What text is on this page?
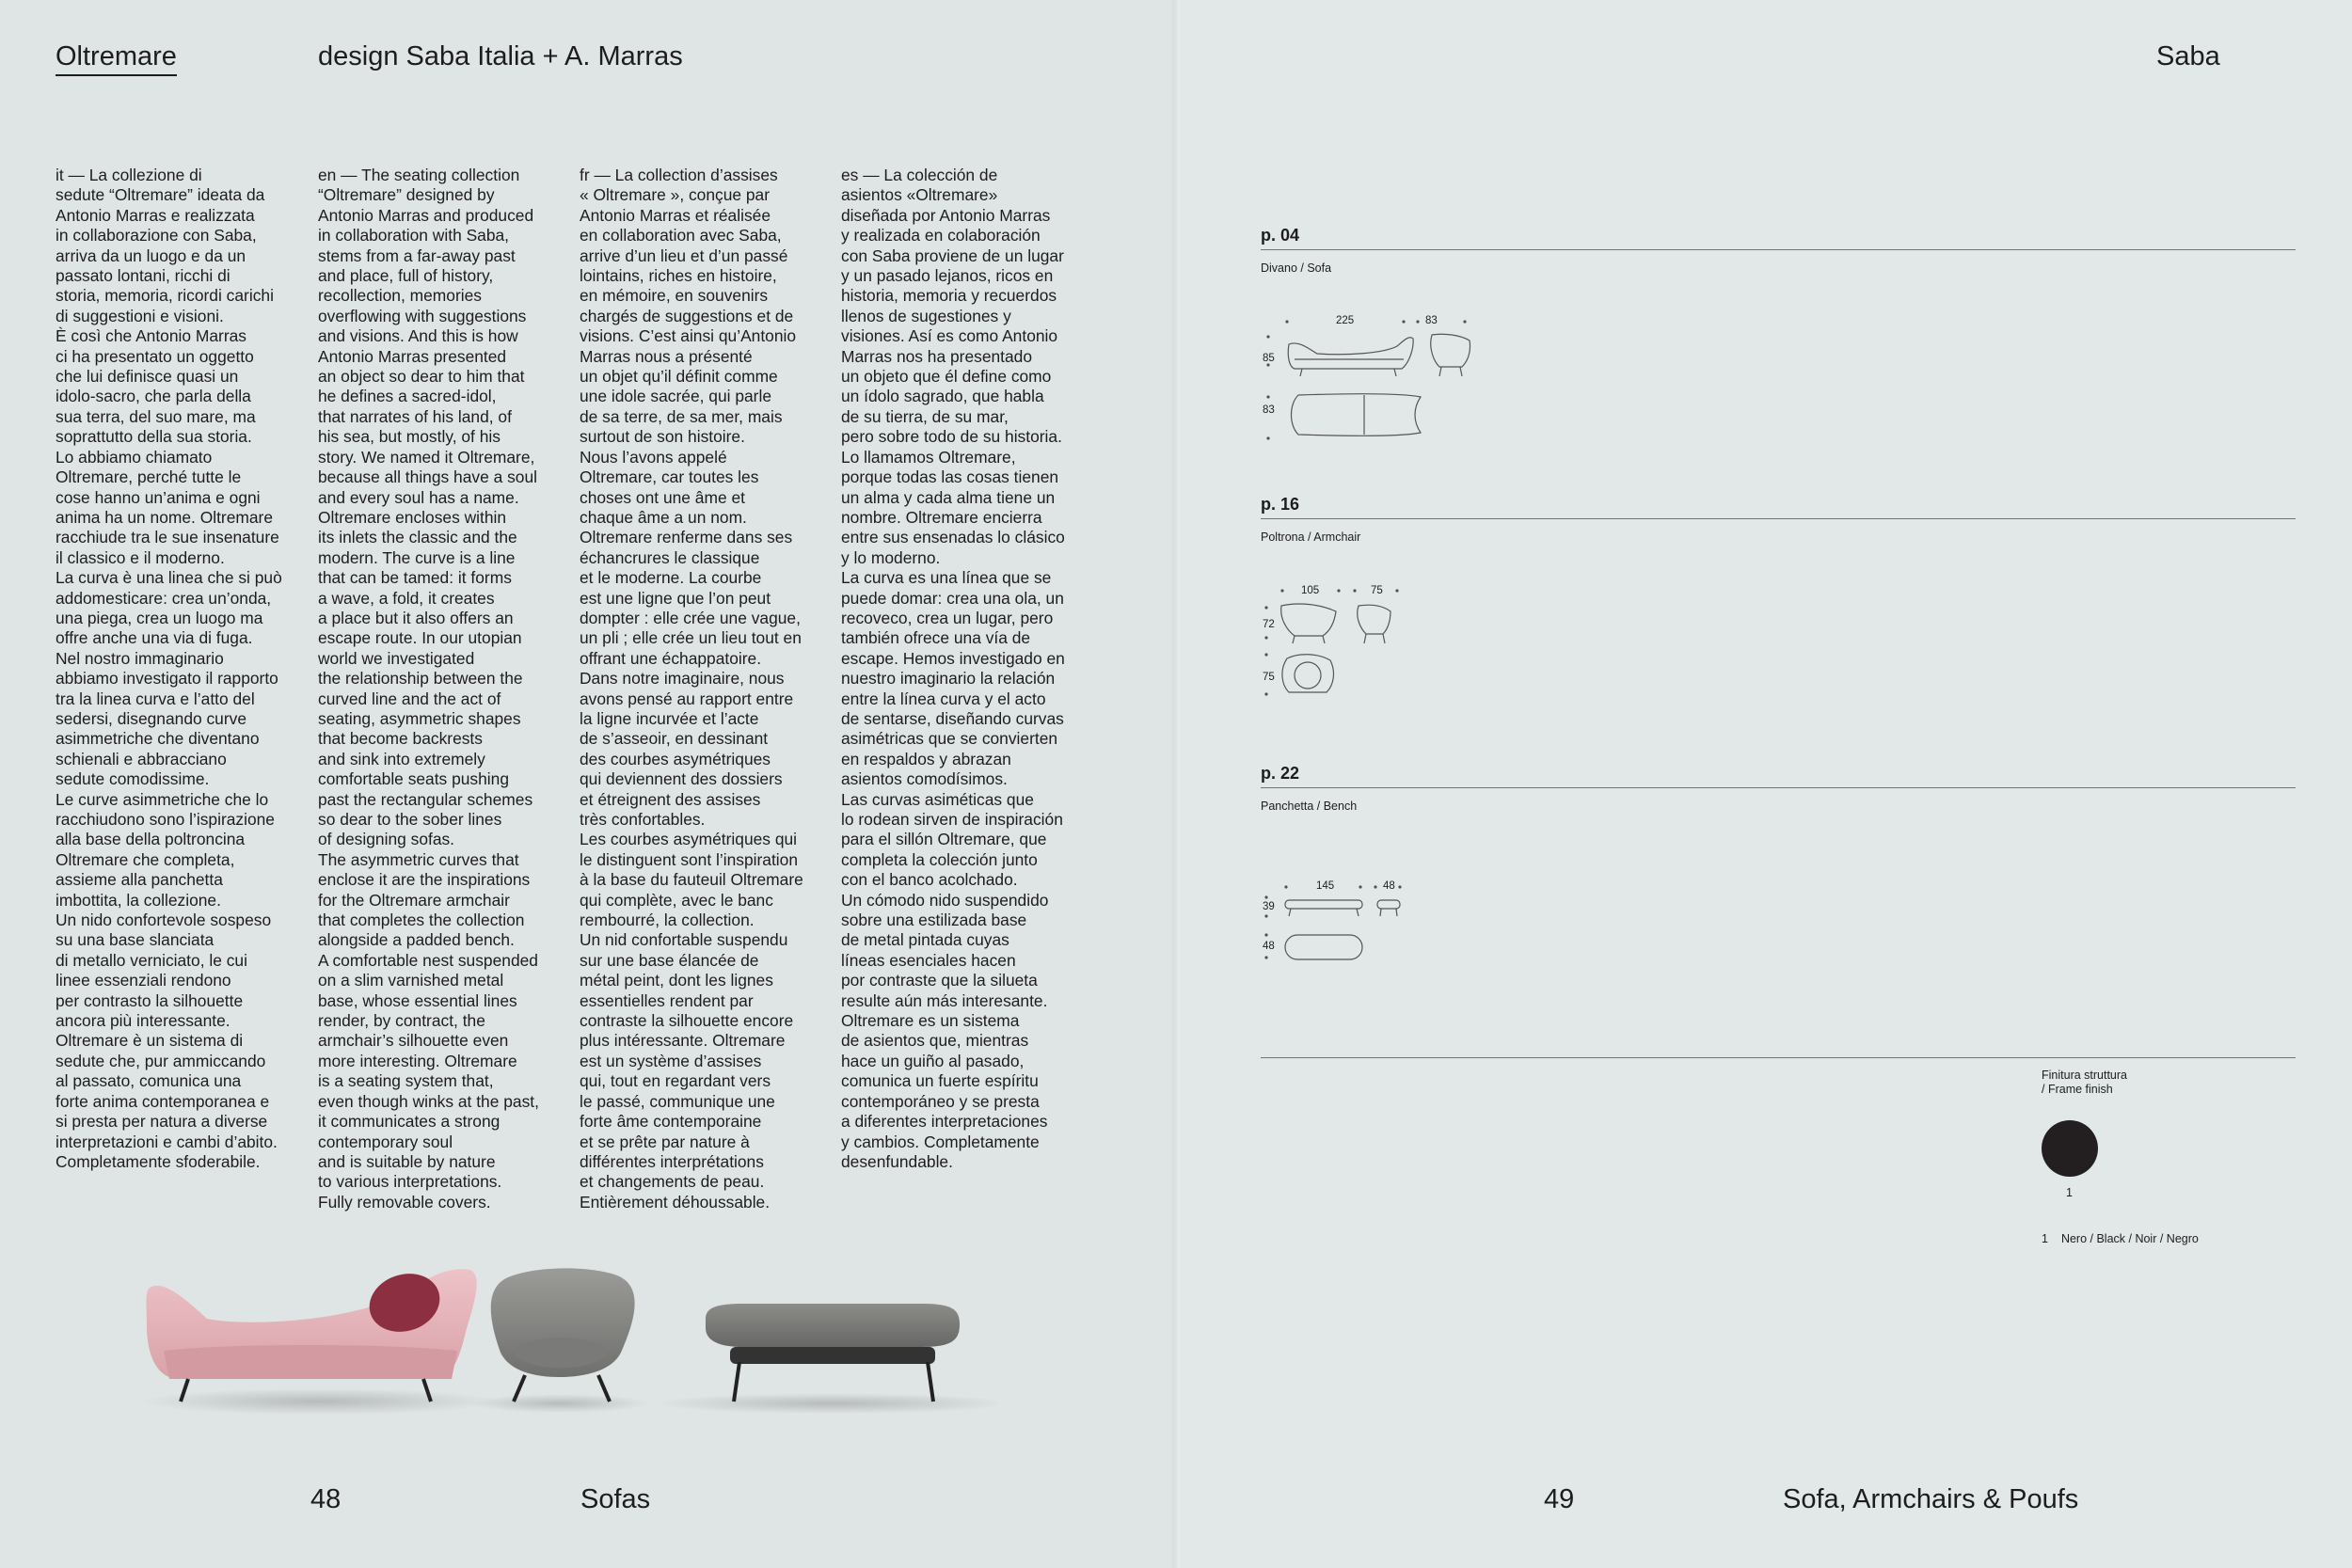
Oltremare	design Saba Italia + A. Marras	Saba

it — La collezione di
sedute “Oltremare” ideata da
Antonio Marras e realizzata
in collaborazione con Saba,
arriva da un luogo e da un
passato lontani, ricchi di
storia, memoria, ricordi carichi
di suggestioni e visioni.
È così che Antonio Marras
ci ha presentato un oggetto
che lui definisce quasi un
idolo-sacro, che parla della
sua terra, del suo mare, ma
soprattutto della sua storia.
Lo abbiamo chiamato
Oltremare, perché tutte le
cose hanno un’anima e ogni
anima ha un nome. Oltremare
racchiude tra le sue insenature
il classico e il moderno.
La curva è una linea che si può
addomesticare: crea un’onda,
una piega, crea un luogo ma
offre anche una via di fuga.
Nel nostro immaginario
abbiamo investigato il rapporto
tra la linea curva e l’atto del
sedersi, disegnando curve
asimmetriche che diventano
schienali e abbracciano
sedute comodissime.
Le curve asimmetriche che lo
racchiudono sono l’ispirazione
alla base della poltroncina
Oltremare che completa,
assieme alla panchetta
imbottita, la collezione.
Un nido confortevole sospeso
su una base slanciata
di metallo verniciato, le cui
linee essenziali rendono
per contrasto la silhouette
ancora più interessante.
Oltremare è un sistema di
sedute che, pur ammiccando
al passato, comunica una
forte anima contemporanea e
si presta per natura a diverse
interpretazioni e cambi d’abito.
Completamente sfoderabile.

en — The seating collection
“Oltremare” designed by
Antonio Marras and produced
in collaboration with Saba,
stems from a far-away past
and place, full of history,
recollection, memories
overflowing with suggestions
and visions. And this is how
Antonio Marras presented
an object so dear to him that
he defines a sacred-idol,
that narrates of his land, of
his sea, but mostly, of his
story. We named it Oltremare,
because all things have a soul
and every soul has a name.
Oltremare encloses within
its inlets the classic and the
modern. The curve is a line
that can be tamed: it forms
a wave, a fold, it creates
a place but it also offers an
escape route. In our utopian
world we investigated
the relationship between the
curved line and the act of
seating, asymmetric shapes
that become backrests
and sink into extremely
comfortable seats pushing
past the rectangular schemes
so dear to the sober lines
of designing sofas.
The asymmetric curves that
enclose it are the inspirations
for the Oltremare armchair
that completes the collection
alongside a padded bench.
A comfortable nest suspended
on a slim varnished metal
base, whose essential lines
render, by contract, the
armchair’s silhouette even
more interesting. Oltremare
is a seating system that,
even though winks at the past,
it communicates a strong
contemporary soul
and is suitable by nature
to various interpretations.
Fully removable covers.

fr — La collection d’assises
« Oltremare », conçue par
Antonio Marras et réalisée
en collaboration avec Saba,
arrive d’un lieu et d’un passé
lointains, riches en histoire,
en mémoire, en souvenirs
chargés de suggestions et de
visions. C’est ainsi qu’Antonio
Marras nous a présenté
un objet qu’il définit comme
une idole sacrée, qui parle
de sa terre, de sa mer, mais
surtout de son histoire.
Nous l’avons appelé
Oltremare, car toutes les
choses ont une âme et
chaque âme a un nom.
Oltremare renferme dans ses
échancrures le classique
et le moderne. La courbe
est une ligne que l’on peut
dompter : elle crée une vague,
un pli ; elle crée un lieu tout en
offrant une échappatoire.
Dans notre imaginaire, nous
avons pensé au rapport entre
la ligne incurvée et l’acte
de s’asseoir, en dessinant
des courbes asymétriques
qui deviennent des dossiers
et étreignent des assises
très confortables.
Les courbes asymétriques qui
le distinguent sont l’inspiration
à la base du fauteuil Oltremare
qui complète, avec le banc
rembourré, la collection.
Un nid confortable suspendu
sur une base élancée de
métal peint, dont les lignes
essentielles rendent par
contraste la silhouette encore
plus intéressante. Oltremare
est un système d’assises
qui, tout en regardant vers
le passé, communique une
forte âme contemporaine
et se prête par nature à
différentes interprétations
et changements de peau.
Entièrement déhoussable.

es — La colección de
asientos «Oltremare»
diseñada por Antonio Marras
y realizada en colaboración
con Saba proviene de un lugar
y un pasado lejanos, ricos en
historia, memoria y recuerdos
llenos de sugestiones y
visiones. Así es como Antonio
Marras nos ha presentado
un objeto que él define como
un ídolo sagrado, que habla
de su tierra, de su mar,
pero sobre todo de su historia.
Lo llamamos Oltremare,
porque todas las cosas tienen
un alma y cada alma tiene un
nombre. Oltremare encierra
entre sus ensenadas lo clásico
y lo moderno.
La curva es una línea que se
puede domar: crea una ola, un
recoveco, crea un lugar, pero
también ofrece una vía de
escape. Hemos investigado en
nuestro imaginario la relación
entre la línea curva y el acto
de sentarse, diseñando curvas
asimétricas que se convierten
en respaldos y abrazan
asientos comodísimos.
Las curvas asiméticas que
lo rodean sirven de inspiración
para el sillón Oltremare, que
completa la colección junto
con el banco acolchado.
Un cómodo nido suspendido
sobre una estilizada base
de metal pintada cuyas
líneas esenciales hacen
por contraste que la silueta
resulte aún más interesante.
Oltremare es un sistema
de asientos que, mientras
hace un guiño al pasado,
comunica un fuerte espíritu
contemporáneo y se presta
a diferentes interpretaciones
y cambios. Completamente
desenfundable.

48	Sofas	49	Sofa, Armchairs & Poufs
p. 04
Divano / Sofa
225	83
85
83
p. 16
Poltrona / Armchair
105	75
72
75
p. 22
Panchetta / Bench
145	48
39
48
Finitura struttura
/ Frame finish
1
1 Nero / Black / Noir / Negro
